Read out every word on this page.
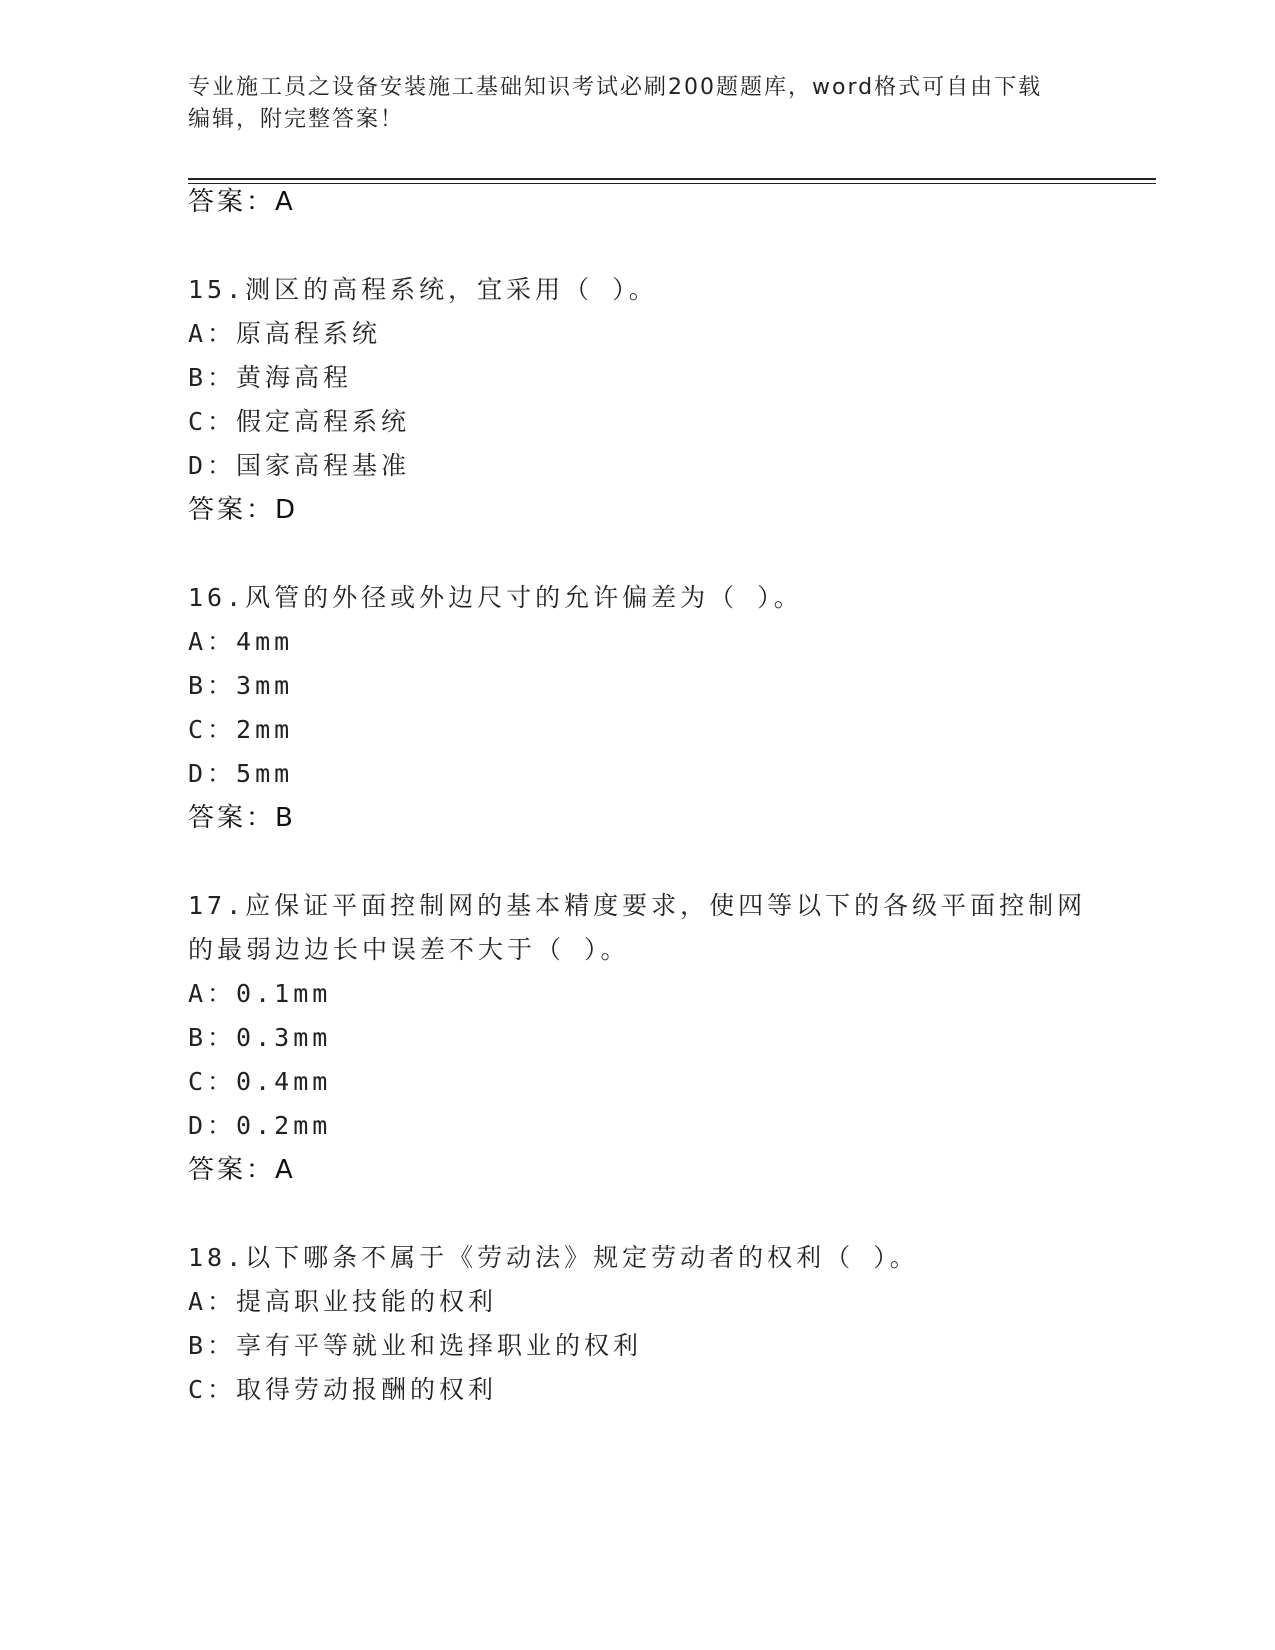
专业施工员之设备安装施工基础知识考试必刷200题题库，word格式可自由下载
编辑，附完整答案！
答案：A
15.测区的高程系统，宜采用（ ）。
A：原高程系统
B：黄海高程
C：假定高程系统
D：国家高程基准
答案：D
16.风管的外径或外边尺寸的允许偏差为（ ）。
A：4mm
B：3mm
C：2mm
D：5mm
答案：B
17.应保证平面控制网的基本精度要求，使四等以下的各级平面控制网
的最弱边边长中误差不大于（ ）。
A：0.1mm
B：0.3mm
C：0.4mm
D：0.2mm
答案：A
18.以下哪条不属于《劳动法》规定劳动者的权利（ ）。
A：提高职业技能的权利
B：享有平等就业和选择职业的权利
C：取得劳动报酬的权利
